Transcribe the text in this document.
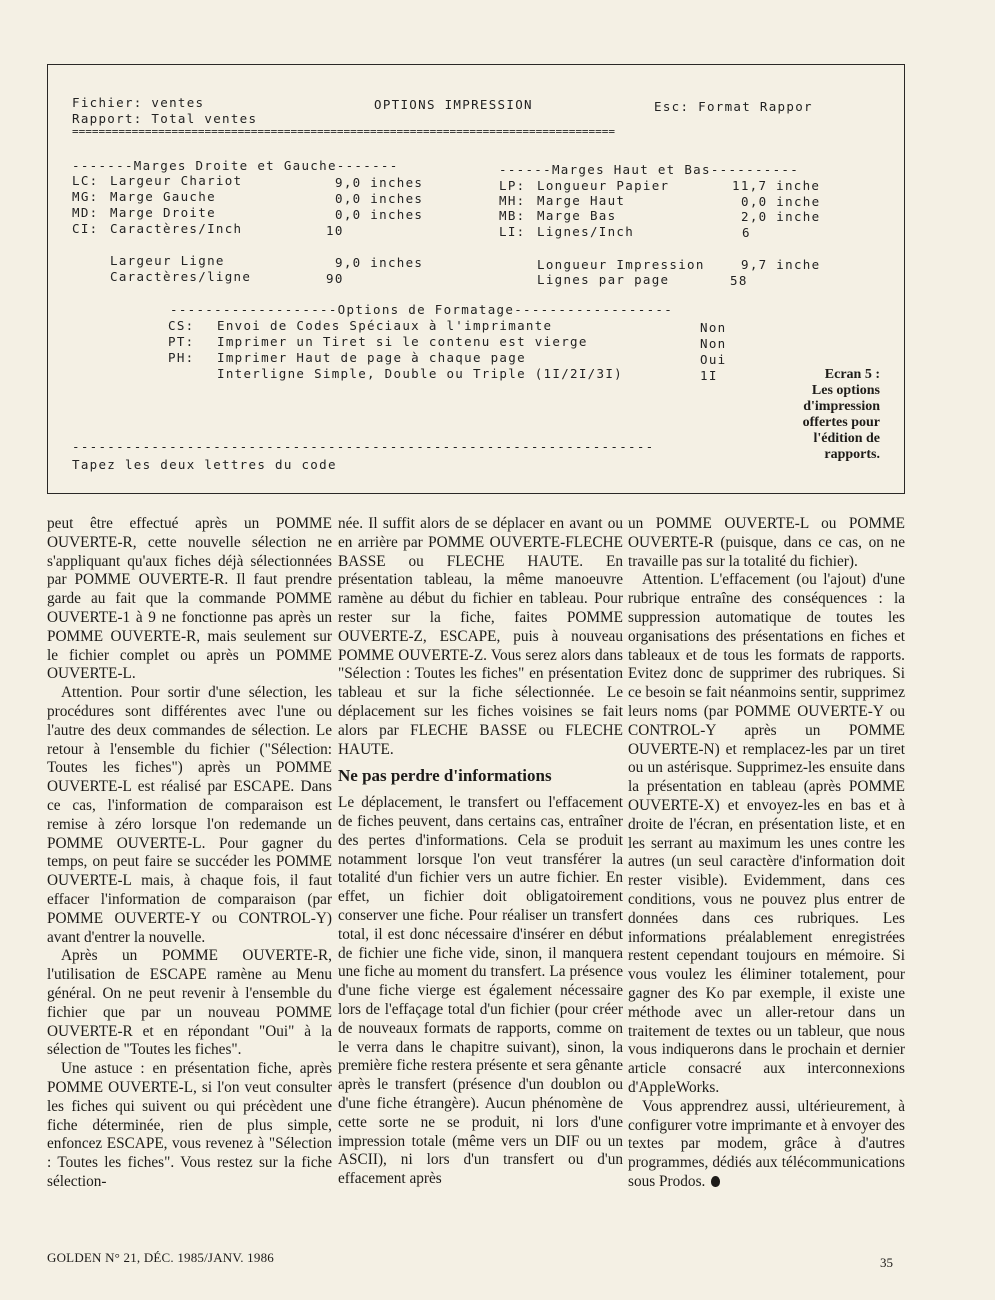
Fichier: ventes
Rapport: Total ventes
OPTIONS IMPRESSION	Esc: Format Rappor
==================================================================================
-------Marges Droite et Gauche-------
LC: Largeur Chariot	9,0 inches
MG: Marge Gauche	0,0 inches
MD: Marge Droite	0,0 inches
CI: Caractères/Inch	10
Largeur Ligne	9,0 inches
Caractères/ligne	90
------Marges Haut et Bas----------
LP: Longueur Papier	11,7 inche
MH: Marge Haut	0,0 inche
MB: Marge Bas	2,0 inche
LI: Lignes/Inch	6
Longueur Impression	9,7 inche
Lignes par page	58
-------------------Options de Formatage------------------
CS: Envoi de Codes Spéciaux à l'imprimante	Non
PT: Imprimer un Tiret si le contenu est vierge	Non
PH: Imprimer Haut de page à chaque page	Oui
Interligne Simple, Double ou Triple (1I/2I/3I)	1I
------------------------------------------------------------------
Tapez les deux lettres du code
Ecran 5 :
Les options
d'impression
offertes pour
l'édition de
rapports.

peut être effectué après un POMME OUVERTE-R, cette nouvelle sélection ne s'appliquant qu'aux fiches déjà sélectionnées par POMME OUVERTE-R. Il faut prendre garde au fait que la commande POMME OUVERTE-1 à 9 ne fonctionne pas après un POMME OUVERTE-R, mais seulement sur le fichier complet ou après un POMME OUVERTE-L.

Attention. Pour sortir d'une sélection, les procédures sont différentes avec l'une ou l'autre des deux commandes de sélection. Le retour à l'ensemble du fichier ("Sélection: Toutes les fiches") après un POMME OUVERTE-L est réalisé par ESCAPE. Dans ce cas, l'information de comparaison est remise à zéro lorsque l'on redemande un POMME OUVERTE-L. Pour gagner du temps, on peut faire se succéder les POMME OUVERTE-L mais, à chaque fois, il faut effacer l'information de comparaison (par POMME OUVERTE-Y ou CONTROL-Y) avant d'entrer la nouvelle.

Après un POMME OUVERTE-R, l'utilisation de ESCAPE ramène au Menu général. On ne peut revenir à l'ensemble du fichier que par un nouveau POMME OUVERTE-R et en répondant "Oui" à la sélection de "Toutes les fiches".

Une astuce : en présentation fiche, après POMME OUVERTE-L, si l'on veut consulter les fiches qui suivent ou qui précèdent une fiche déterminée, rien de plus simple, enfoncez ESCAPE, vous revenez à "Sélection : Toutes les fiches". Vous restez sur la fiche sélection-

née. Il suffit alors de se déplacer en avant ou en arrière par POMME OUVERTE-FLECHE BASSE ou FLECHE HAUTE. En présentation tableau, la même manoeuvre ramène au début du fichier en tableau. Pour rester sur la fiche, faites POMME OUVERTE-Z, ESCAPE, puis à nouveau POMME OUVERTE-Z. Vous serez alors dans "Sélection : Toutes les fiches" en présentation tableau et sur la fiche sélectionnée. Le déplacement sur les fiches voisines se fait alors par FLECHE BASSE ou FLECHE HAUTE.

Ne pas perdre d'informations

Le déplacement, le transfert ou l'effacement de fiches peuvent, dans certains cas, entraîner des pertes d'informations. Cela se produit notamment lorsque l'on veut transférer la totalité d'un fichier vers un autre fichier. En effet, un fichier doit obligatoirement conserver une fiche. Pour réaliser un transfert total, il est donc nécessaire d'insérer en début de fichier une fiche vide, sinon, il manquera une fiche au moment du transfert. La présence d'une fiche vierge est également nécessaire lors de l'effaçage total d'un fichier (pour créer de nouveaux formats de rapports, comme on le verra dans le chapitre suivant), sinon, la première fiche restera présente et sera gênante après le transfert (présence d'un doublon ou d'une fiche étrangère). Aucun phénomène de cette sorte ne se produit, ni lors d'une impression totale (même vers un DIF ou un ASCII), ni lors d'un transfert ou d'un effacement après

un POMME OUVERTE-L ou POMME OUVERTE-R (puisque, dans ce cas, on ne travaille pas sur la totalité du fichier).

Attention. L'effacement (ou l'ajout) d'une rubrique entraîne des conséquences : la suppression automatique de toutes les organisations des présentations en fiches et tableaux et de tous les formats de rapports. Evitez donc de supprimer des rubriques. Si ce besoin se fait néanmoins sentir, supprimez leurs noms (par POMME OUVERTE-Y ou CONTROL-Y après un POMME OUVERTE-N) et remplacez-les par un tiret ou un astérisque. Supprimez-les ensuite dans la présentation en tableau (après POMME OUVERTE-X) et envoyez-les en bas et à droite de l'écran, en présentation liste, et en les serrant au maximum les unes contre les autres (un seul caractère d'information doit rester visible). Evidemment, dans ces conditions, vous ne pouvez plus entrer de données dans ces rubriques. Les informations préalablement enregistrées restent cependant toujours en mémoire. Si vous voulez les éliminer totalement, pour gagner des Ko par exemple, il existe une méthode avec un aller-retour dans un traitement de textes ou un tableur, que nous vous indiquerons dans le prochain et dernier article consacré aux interconnexions d'AppleWorks.

Vous apprendrez aussi, ultérieurement, à configurer votre imprimante et à envoyer des textes par modem, grâce à d'autres programmes, dédiés aux télécommunications sous Prodos.

GOLDEN N° 21, DÉC. 1985/JANV. 1986	35
